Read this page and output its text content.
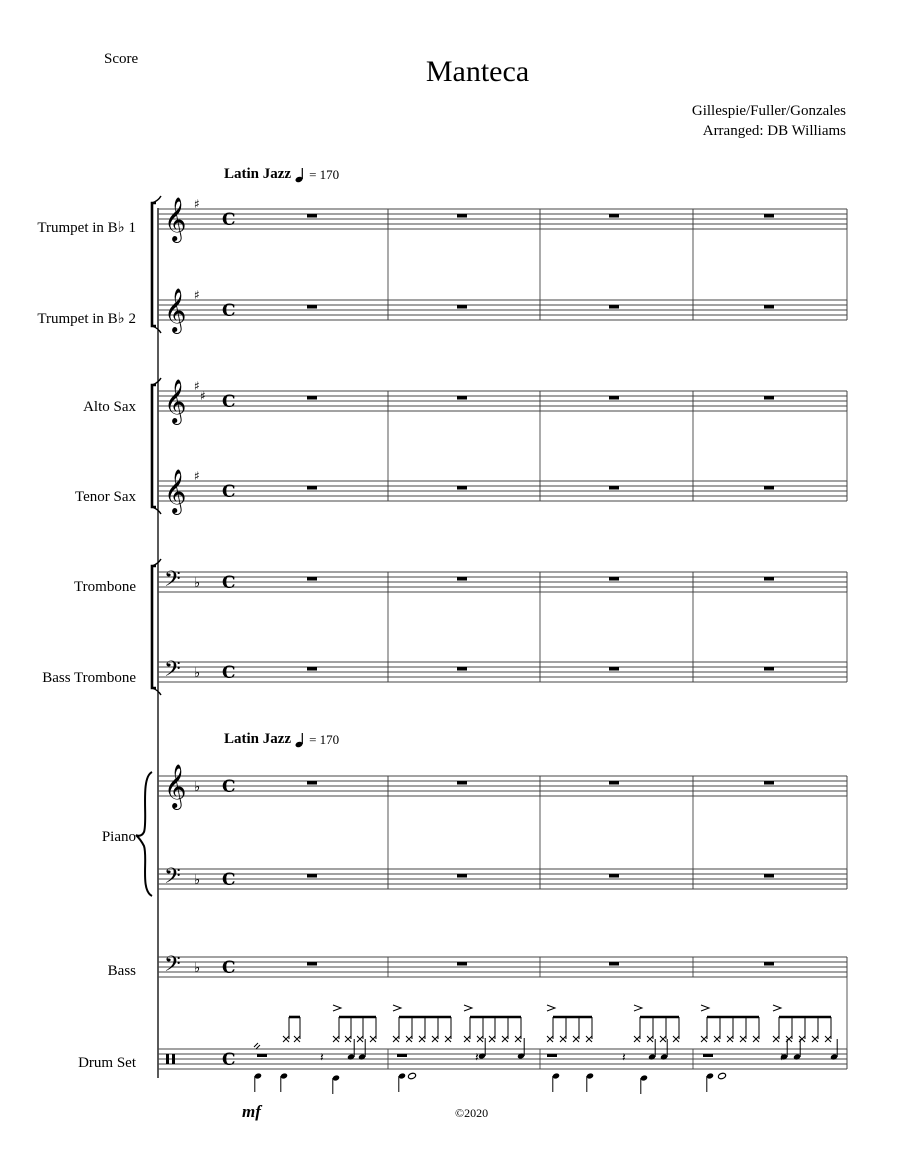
Score	Manteca
Gillespie/Fuller/Gonzales
Arranged: DB Williams
Latin Jazz = 170
Latin Jazz = 170
Trumpet in B♭ 1
Trumpet in B♭ 2
Alto Sax
Tenor Sax
Trombone
Bass Trombone
Piano
Bass
Drum Set
mf	©2020
𝄞 ♯
C
𝄞 ♯
C
𝄞 ♯
♯ C
𝄞 ♯
C
𝄢 ♭ C
𝄢 ♭ C
𝄞 ♭ C
𝄢 ♭ C
𝄢 ♭ C
C	𝄽	𝄽	𝄽	𝄽
